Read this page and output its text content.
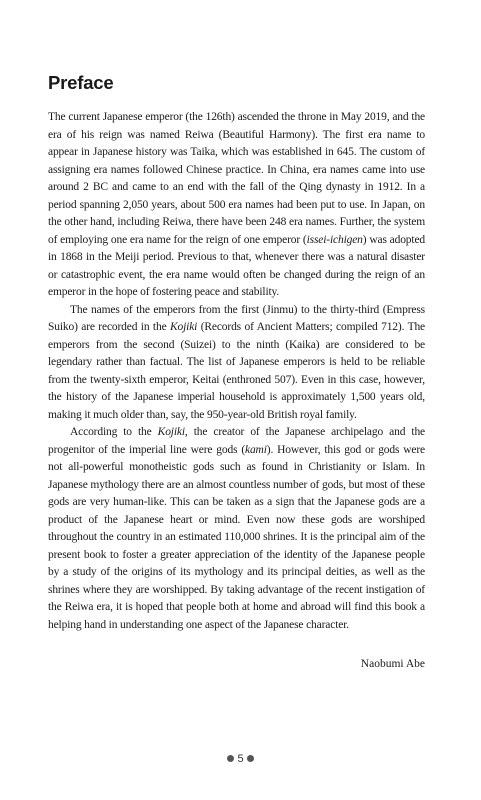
Preface

The current Japanese emperor (the 126th) ascended the throne in May 2019, and the era of his reign was named Reiwa (Beautiful Harmony). The first era name to appear in Japanese history was Taika, which was established in 645. The custom of assigning era names followed Chinese practice. In China, era names came into use around 2 BC and came to an end with the fall of the Qing dynasty in 1912. In a period spanning 2,050 years, about 500 era names had been put to use. In Japan, on the other hand, including Reiwa, there have been 248 era names. Further, the system of employing one era name for the reign of one emperor (issei-ichigen) was adopted in 1868 in the Meiji period. Previous to that, whenever there was a natural disaster or catastrophic event, the era name would often be changed during the reign of an emperor in the hope of fostering peace and stability.

The names of the emperors from the first (Jinmu) to the thirty-third (Empress Suiko) are recorded in the Kojiki (Records of Ancient Matters; compiled 712). The emperors from the second (Suizei) to the ninth (Kaika) are considered to be legendary rather than factual. The list of Japanese emperors is held to be reliable from the twenty-sixth emperor, Keitai (enthroned 507). Even in this case, however, the history of the Japanese imperial household is approximately 1,500 years old, making it much older than, say, the 950-year-old British royal family.

According to the Kojiki, the creator of the Japanese archipelago and the progenitor of the imperial line were gods (kami). However, this god or gods were not all-powerful monotheistic gods such as found in Christianity or Islam. In Japanese mythology there are an almost countless number of gods, but most of these gods are very human-like. This can be taken as a sign that the Japanese gods are a product of the Japanese heart or mind. Even now these gods are worshiped throughout the country in an estimated 110,000 shrines. It is the principal aim of the present book to foster a greater appreciation of the identity of the Japanese people by a study of the origins of its mythology and its principal deities, as well as the shrines where they are worshipped. By taking advantage of the recent instigation of the Reiwa era, it is hoped that people both at home and abroad will find this book a helping hand in understanding one aspect of the Japanese character.

Naobumi Abe
5
